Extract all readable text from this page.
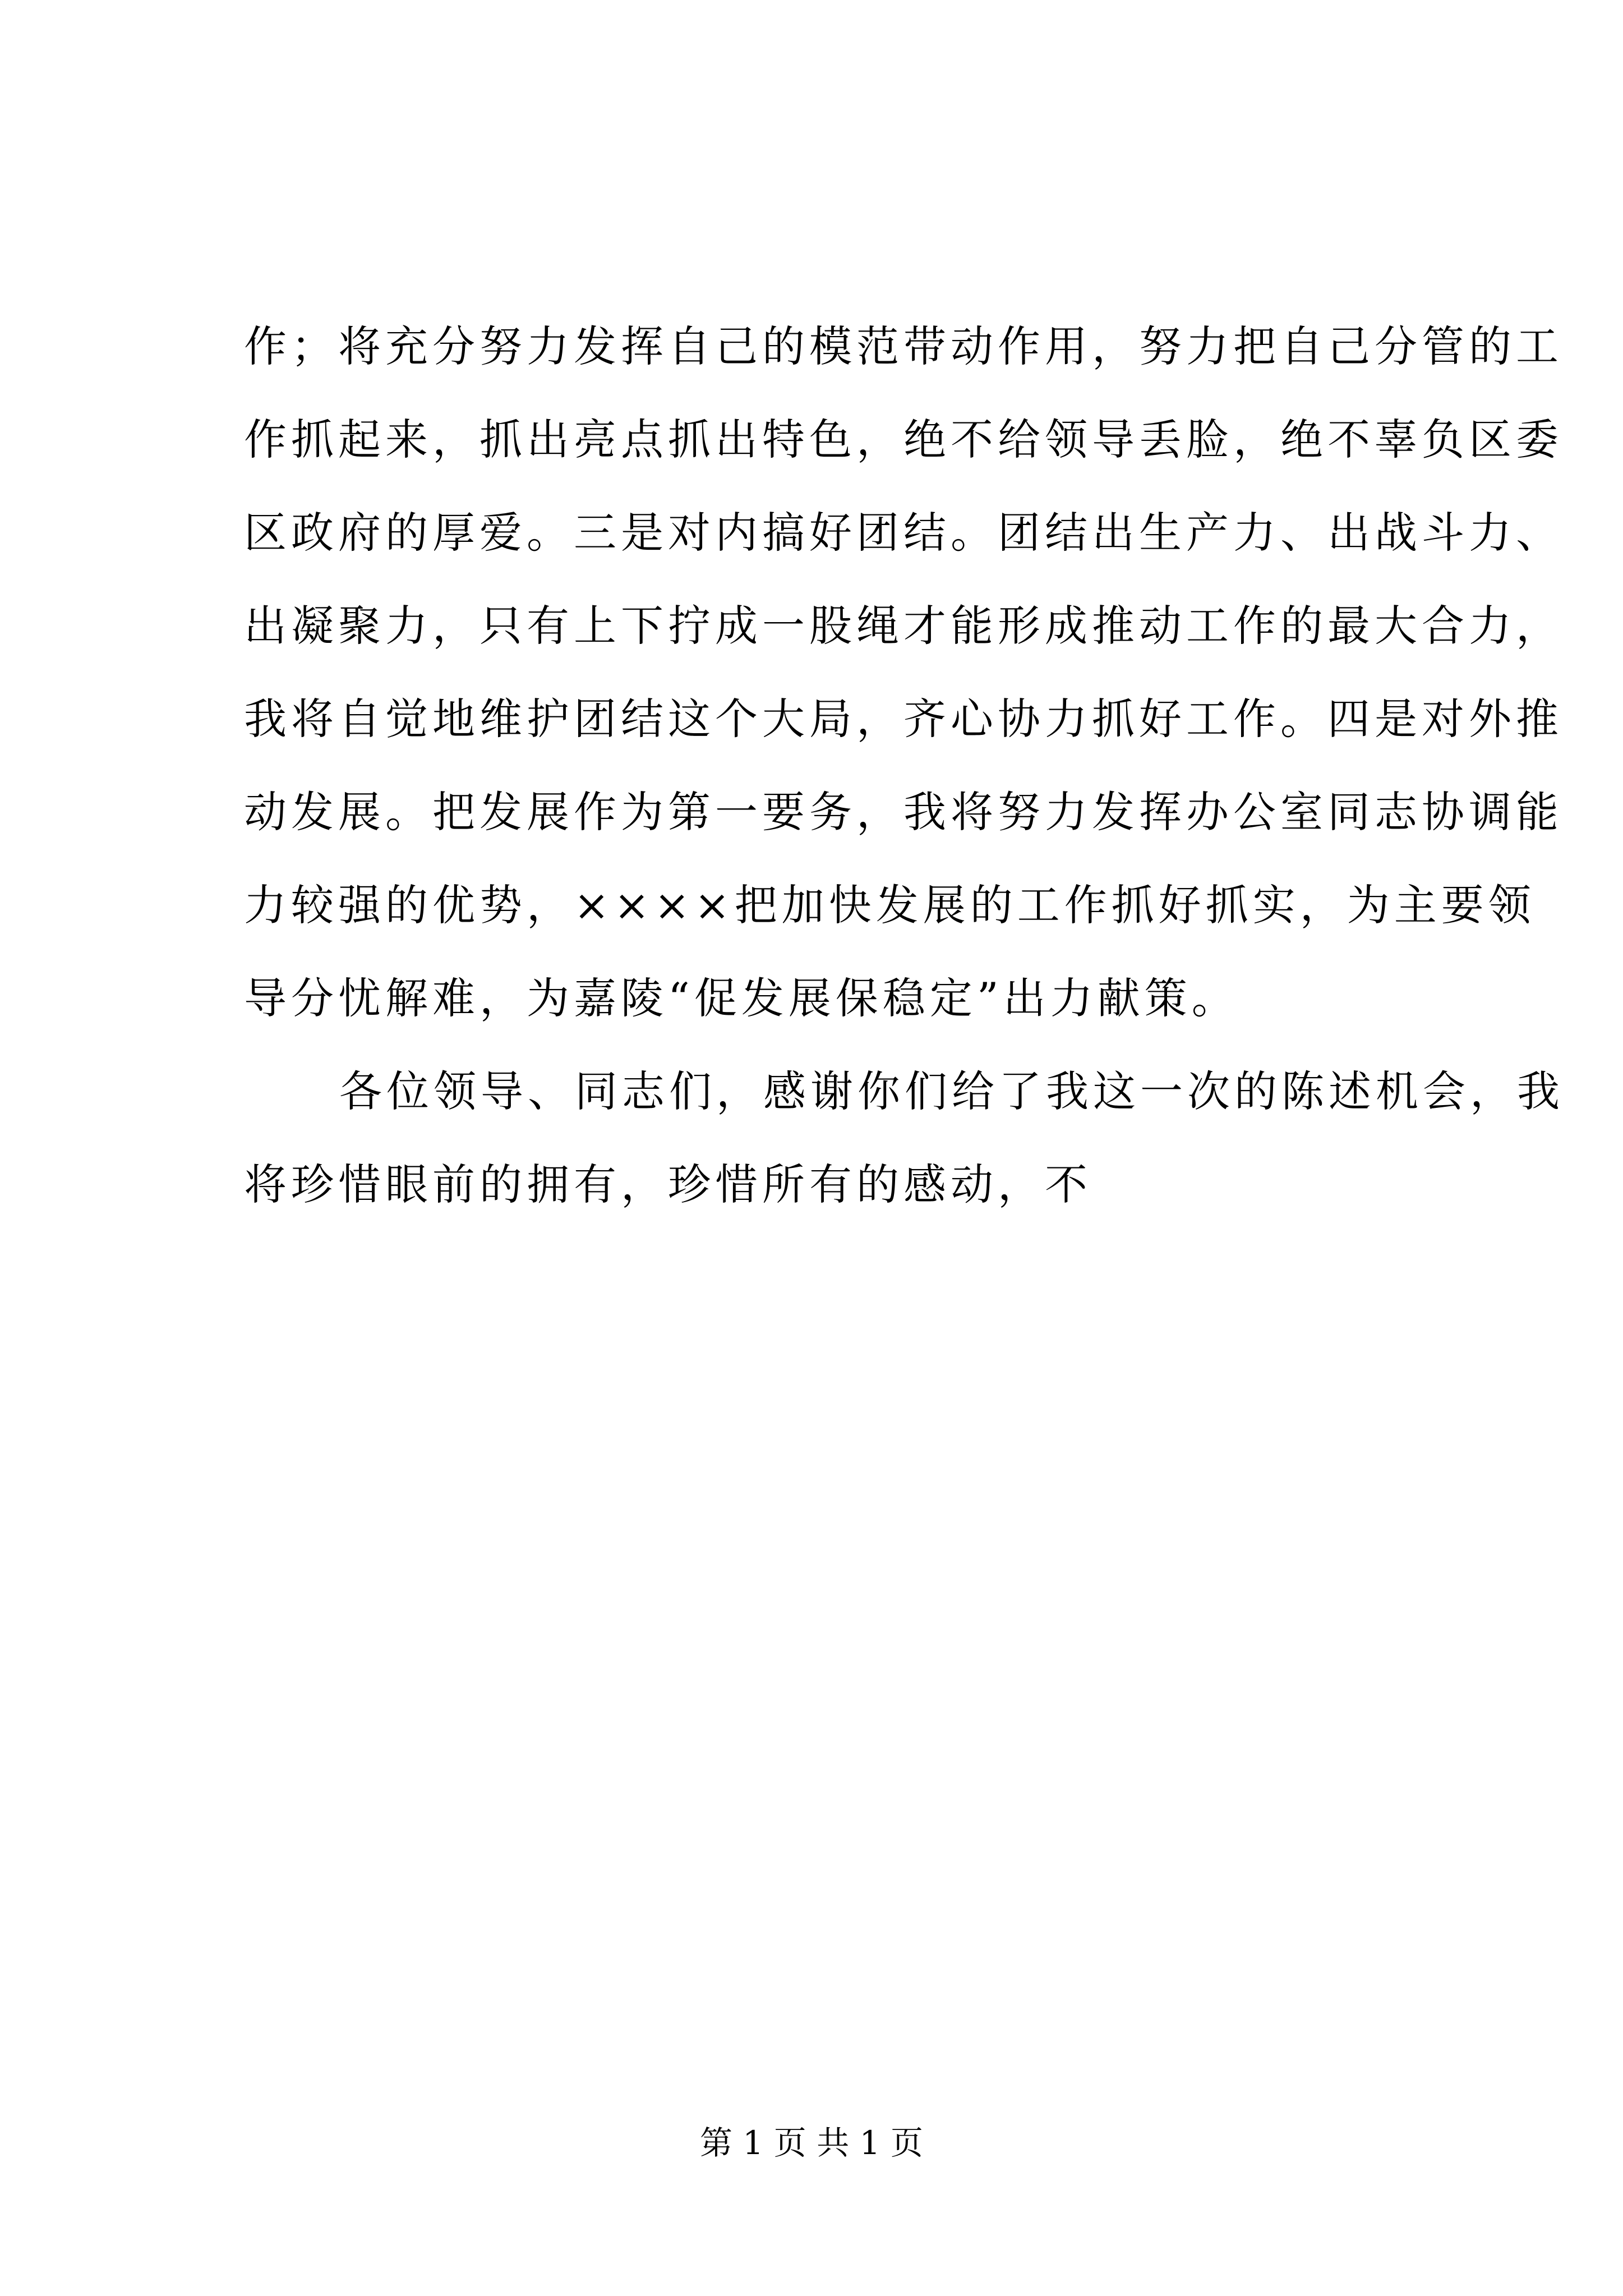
作；将充分努力发挥自己的模范带动作用，努力把自己分管的工
作抓起来，抓出亮点抓出特色，绝不给领导丢脸，绝不辜负区委
区政府的厚爱。三是对内搞好团结。团结出生产力、出战斗力、
出凝聚力，只有上下拧成一股绳才能形成推动工作的最大合力，
我将自觉地维护团结这个大局，齐心协力抓好工作。四是对外推
动发展。把发展作为第一要务，我将努力发挥办公室同志协调能
力较强的优势，××××把加快发展的工作抓好抓实，为主要领
导分忧解难，为嘉陵“促发展保稳定”出力献策。
各位领导、同志们，感谢你们给了我这一次的陈述机会，我
将珍惜眼前的拥有，珍惜所有的感动，不
第 1 页 共 1 页
